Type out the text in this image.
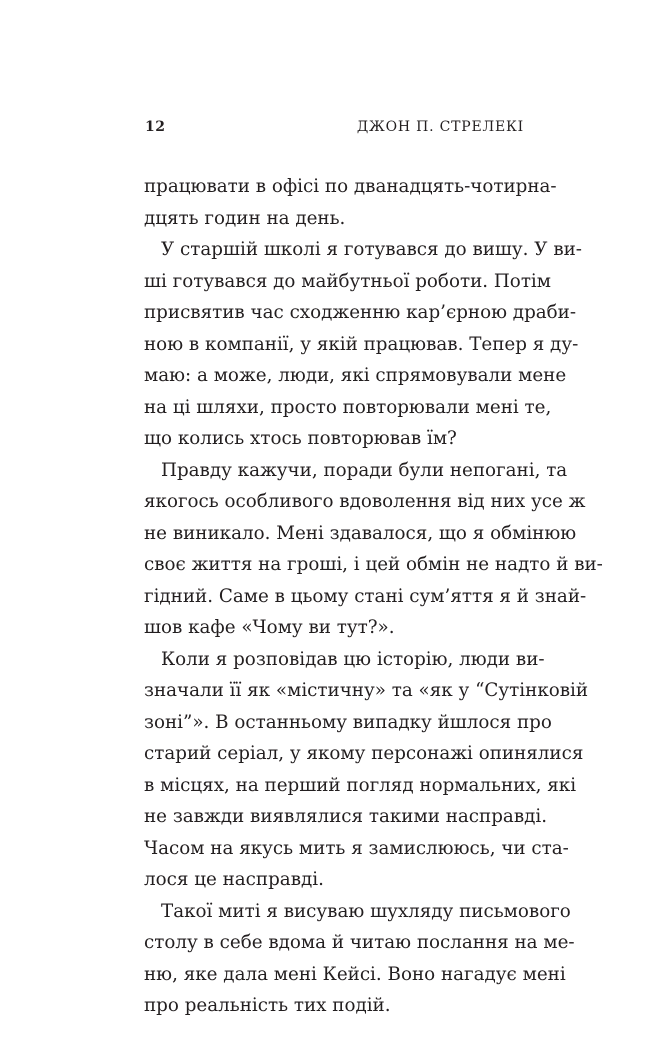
12	ДЖОН П. СТРЕЛЕКІ
працювати в офісі по дванадцять-чотирна-
дцять годин на день.
У старшій школі я готувався до вишу. У ви-
ші готувався до майбутньої роботи. Потім
присвятив час сходженню кар’єрною драби-
ною в компанії, у якій працював. Тепер я ду-
маю: а може, люди, які спрямовували мене
на ці шляхи, просто повторювали мені те,
що колись хтось повторював їм?
Правду кажучи, поради були непогані, та
якогось особливого вдоволення від них усе ж
не виникало. Мені здавалося, що я обмінюю
своє життя на гроші, і цей обмін не надто й ви-
гідний. Саме в цьому стані сум’яття я й знай-
шов кафе «Чому ви тут?».
Коли я розповідав цю історію, люди ви-
значали її як «містичну» та «як у “Сутінковій
зоні”». В останньому випадку йшлося про
старий серіал, у якому персонажі опинялися
в місцях, на перший погляд нормальних, які
не завжди виявлялися такими насправді.
Часом на якусь мить я замислююсь, чи ста-
лося це насправді.
Такої миті я висуваю шухляду письмового
столу в себе вдома й читаю послання на ме-
ню, яке дала мені Кейсі. Воно нагадує мені
про реальність тих подій.
